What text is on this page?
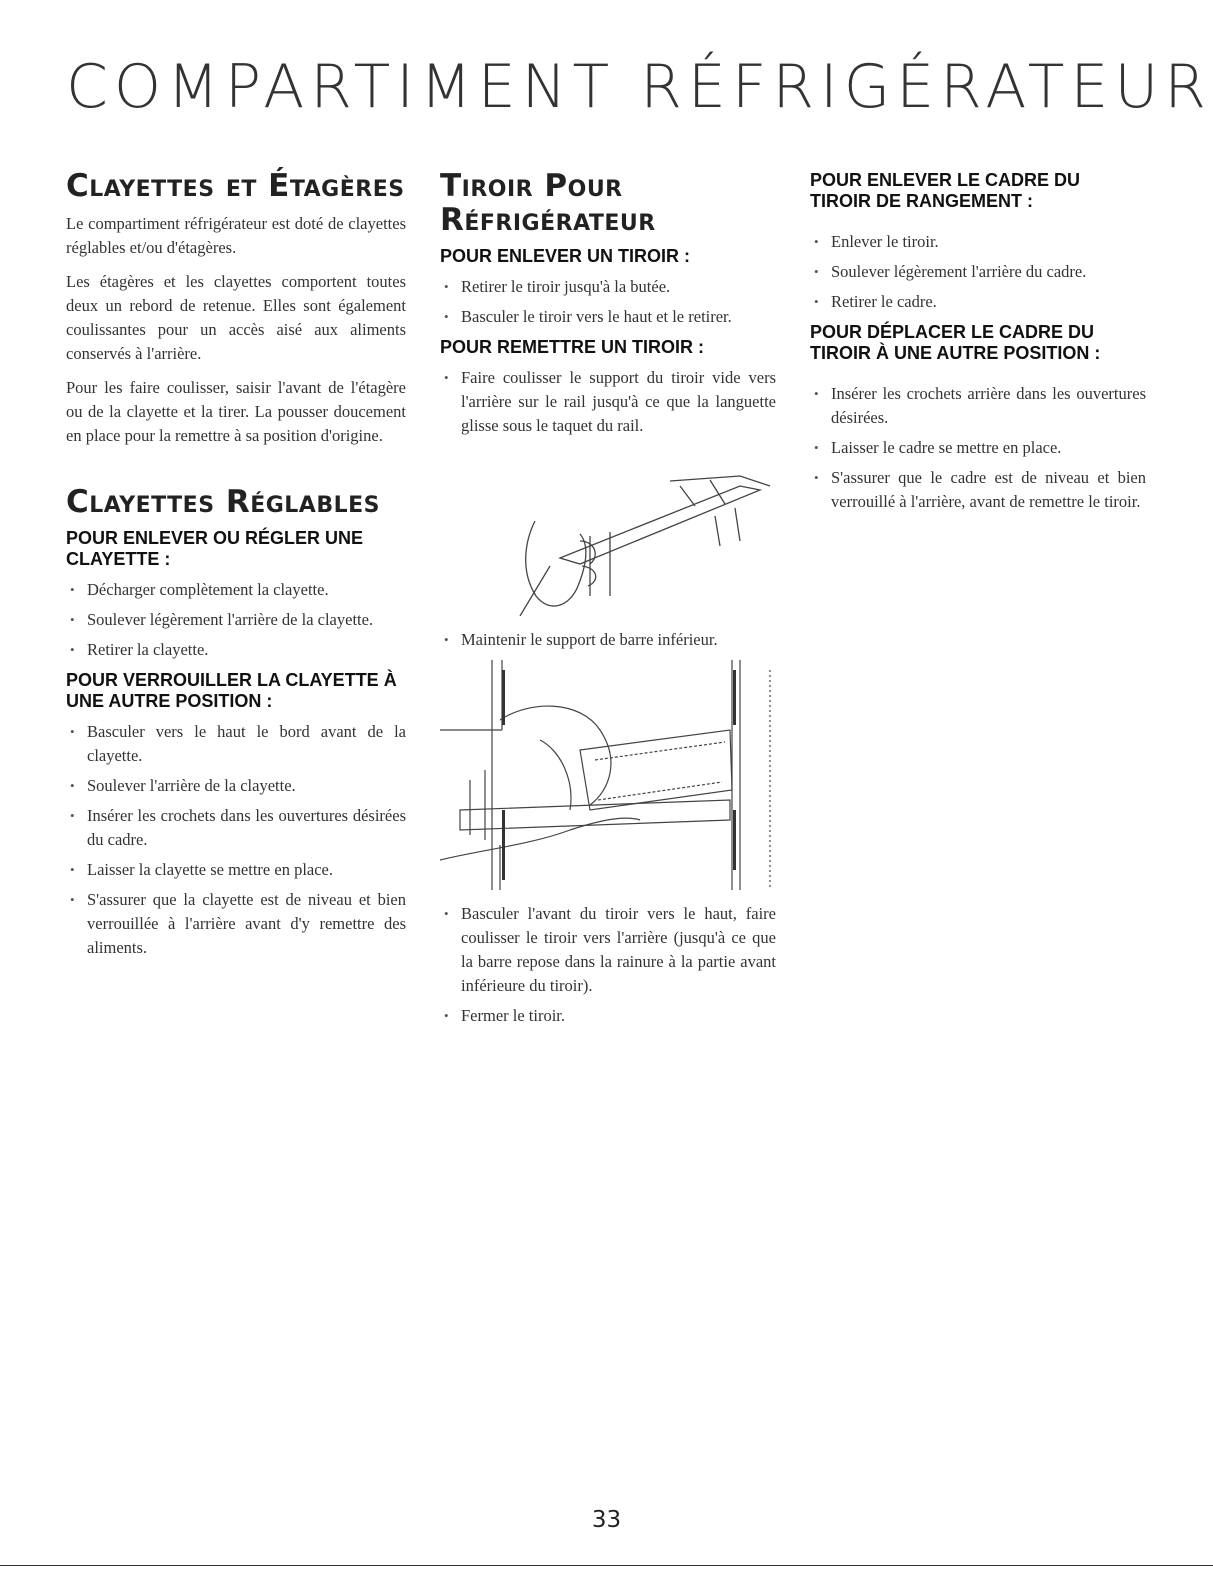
COMPARTIMENT RÉFRIGÉRATEUR
Clayettes et Étagères

Le compartiment réfrigérateur est doté de clayettes réglables et/ou d'étagères.

Les étagères et les clayettes comportent toutes deux un rebord de retenue. Elles sont également coulissantes pour un accès aisé aux aliments conservés à l'arrière.

Pour les faire coulisser, saisir l'avant de l'étagère ou de la clayette et la tirer. La pousser doucement en place pour la remettre à sa position d'origine.

Clayettes Réglables
POUR ENLEVER OU RÉGLER UNE CLAYETTE :
• Décharger complètement la clayette.
• Soulever légèrement l'arrière de la clayette.
• Retirer la clayette.
POUR VERROUILLER LA CLAYETTE À UNE AUTRE POSITION :
• Basculer vers le haut le bord avant de la clayette.
• Soulever l'arrière de la clayette.
• Insérer les crochets dans les ouvertures désirées du cadre.
• Laisser la clayette se mettre en place.
• S'assurer que la clayette est de niveau et bien verrouillée à l'arrière avant d'y remettre des aliments.
Tiroir Pour
Réfrigérateur
POUR ENLEVER UN TIROIR :
• Retirer le tiroir jusqu'à la butée.
• Basculer le tiroir vers le haut et le retirer.
POUR REMETTRE UN TIROIR :
• Faire coulisser le support du tiroir vide vers l'arrière sur le rail jusqu'à ce que la languette glisse sous le taquet du rail.
• Maintenir le support de barre inférieur.
• Basculer l'avant du tiroir vers le haut, faire coulisser le tiroir vers l'arrière (jusqu'à ce que la barre repose dans la rainure à la partie avant inférieure du tiroir).
• Fermer le tiroir.
POUR ENLEVER LE CADRE DU TIROIR DE RANGEMENT :
• Enlever le tiroir.
• Soulever légèrement l'arrière du cadre.
• Retirer le cadre.
POUR DÉPLACER LE CADRE DU TIROIR À UNE AUTRE POSITION :
• Insérer les crochets arrière dans les ouvertures désirées.
• Laisser le cadre se mettre en place.
• S'assurer que le cadre est de niveau et bien verrouillé à l'arrière, avant de remettre le tiroir.
33
